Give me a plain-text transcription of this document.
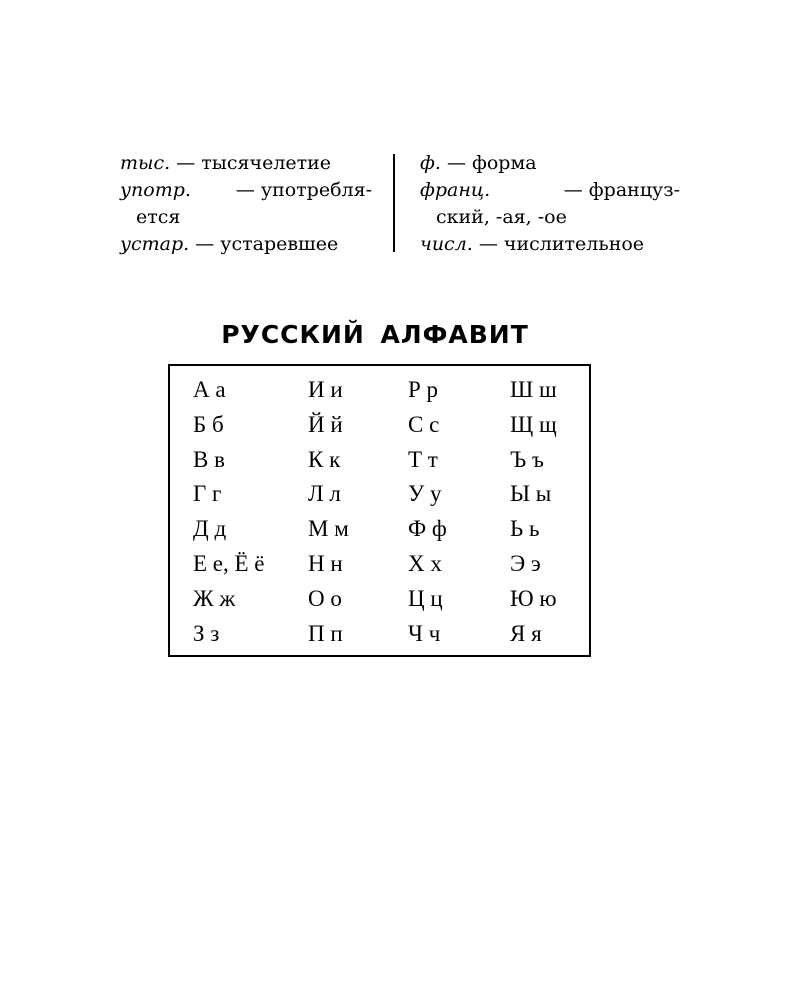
тыс. — тысячелетие
употр. — употребля-
ется
устар. — устаревшее
ф. — форма
франц.	— француз-
ский, -ая, -ое
числ. — числительное
РУССКИЙ АЛФАВИТ
А а
Б б
В в
Г г
Д д
Е е, Ё ё
Ж ж
З з
И и
Й й
К к
Л л
М м
Н н
О о
П п
Р р
С с
Т т
У у
Ф ф
Х х
Ц ц
Ч ч
Ш ш
Щ щ
Ъ ъ
Ы ы
Ь ь
Э э
Ю ю
Я я
